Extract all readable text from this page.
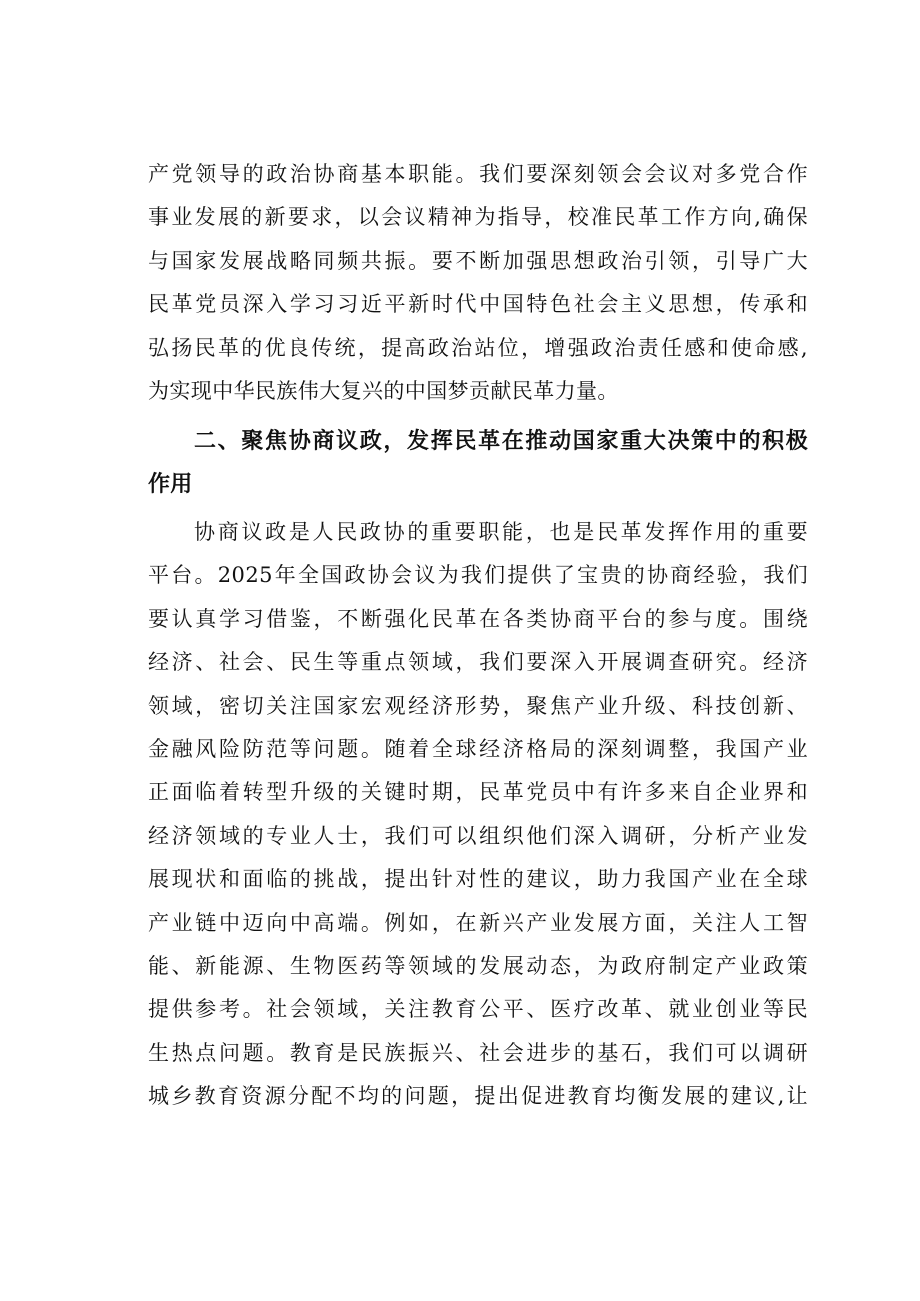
产党领导的政治协商基本职能。我们要深刻领会会议对多党合作
事业发展的新要求，以会议精神为指导，校准民革工作方向,确保
与国家发展战略同频共振。要不断加强思想政治引领，引导广大
民革党员深入学习习近平新时代中国特色社会主义思想，传承和
弘扬民革的优良传统，提高政治站位，增强政治责任感和使命感,
为实现中华民族伟大复兴的中国梦贡献民革力量。
二、聚焦协商议政，发挥民革在推动国家重大决策中的积极
作用
协商议政是人民政协的重要职能，也是民革发挥作用的重要
平台。2025年全国政协会议为我们提供了宝贵的协商经验，我们
要认真学习借鉴，不断强化民革在各类协商平台的参与度。围绕
经济、社会、民生等重点领域，我们要深入开展调查研究。经济
领域，密切关注国家宏观经济形势，聚焦产业升级、科技创新、
金融风险防范等问题。随着全球经济格局的深刻调整，我国产业
正面临着转型升级的关键时期，民革党员中有许多来自企业界和
经济领域的专业人士，我们可以组织他们深入调研，分析产业发
展现状和面临的挑战，提出针对性的建议，助力我国产业在全球
产业链中迈向中高端。例如，在新兴产业发展方面，关注人工智
能、新能源、生物医药等领域的发展动态，为政府制定产业政策
提供参考。社会领域，关注教育公平、医疗改革、就业创业等民
生热点问题。教育是民族振兴、社会进步的基石，我们可以调研
城乡教育资源分配不均的问题，提出促进教育均衡发展的建议,让
